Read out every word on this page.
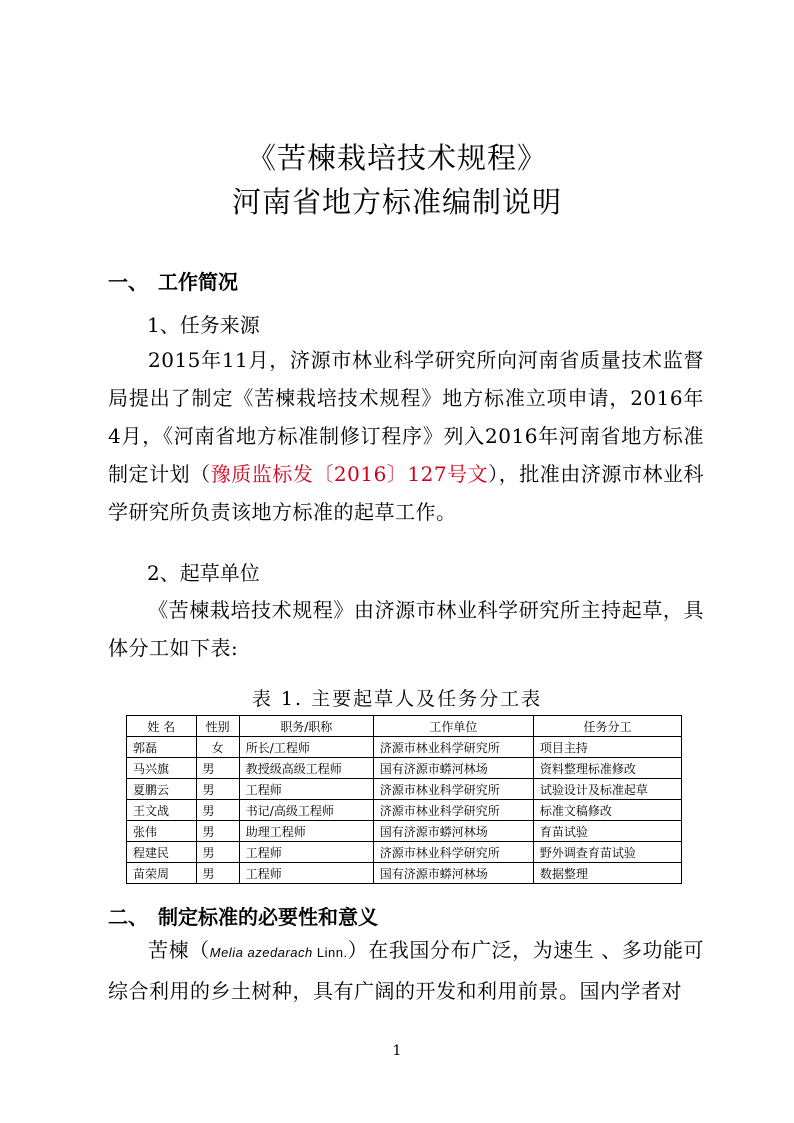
《苦楝栽培技术规程》
河南省地方标准编制说明
一、 工作简况
1、任务来源
2015年11月，济源市林业科学研究所向河南省质量技术监督局提出了制定《苦楝栽培技术规程》地方标准立项申请，2016年4月，《河南省地方标准制修订程序》列入2016年河南省地方标准制定计划（豫质监标发〔2016〕127号文），批准由济源市林业科学研究所负责该地方标准的起草工作。
2、起草单位
《苦楝栽培技术规程》由济源市林业科学研究所主持起草，具体分工如下表:
表 1. 主要起草人及任务分工表
姓 名	性别	职务/职称	工作单位	任务分工
郭磊	女	所长/工程师	济源市林业科学研究所	项目主持
马兴旗	男	教授级高级工程师	国有济源市蟒河林场	资料整理标准修改
夏鹏云	男	工程师	济源市林业科学研究所	试验设计及标准起草
王文战	男	书记/高级工程师	济源市林业科学研究所	标准文稿修改
张伟	男	助理工程师	国有济源市蟒河林场	育苗试验
程建民	男	工程师	济源市林业科学研究所	野外调查育苗试验
苗荣周	男	工程师	国有济源市蟒河林场	数据整理
二、 制定标准的必要性和意义
苦楝（Melia azedarach Linn.）在我国分布广泛，为速生 、多功能可综合利用的乡土树种，具有广阔的开发和利用前景。国内学者对
1
